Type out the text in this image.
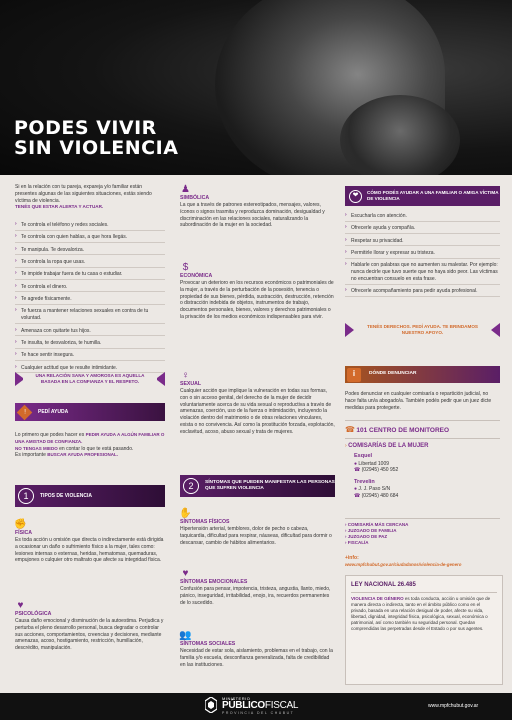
PODES VIVIR
SIN VIOLENCIA

Si en la relación con tu pareja, expareja y/o familiar están presentes algunas de las siguientes situaciones, estás siendo víctima de violencia.

TENÉS QUE ESTAR ALERTA Y ACTUAR.

› Te controla el teléfono y redes sociales.
› Te controla con quien hablas, a que hora llegás.
› Te manipula. Te desvaloriza.
› Te controla la ropa que usas.
› Te impide trabajar fuera de tu casa o estudiar.
› Te controla el dinero.
› Te agrede físicamente.
› Te fuerza a mantener relaciones sexuales en contra de tu voluntad.
› Amenaza con quitarte tus hijos.
› Te insulta, te desvaloriza, te humilla.
› Te hace sentir insegura.
› Cualquier actitud que te resulte intimidante.
UNA RELACIÓN SANA Y AMOROSA ES AQUELLA BASADA EN LA CONFIANZA Y EL RESPETO.
!	PEDÍ AYUDA

Lo primero que podes hacer es PEDIR AYUDA A ALGÚN FAMILIAR O UNA AMISTAD DE CONFIANZA.

NO TENGAS MIEDO en contar lo que te está pasando.

Es importante BUSCAR AYUDA PROFESIONAL.

1	TIPOS DE VIOLENCIA
✊
FÍSICA

Es toda acción u omisión que directa o indirectamente está dirigida a ocasionar un daño o sufrimiento físico a la mujer, tales como: lesiones internas o externas, heridas, hematomas, quemaduras, empujones o culquier otro maltrato que afecte su integridad física.

♥
PSICOLÓGICA

Causa daño emocional y disminución de la autoestima. Perjudica y perturba el pleno desarrollo personal, busca degradar o controlar sus acciones, comportamientos, creencias y decisiones, mediante amenazas, acoso, hostigamiento, restricción, humillación, descrédito, manipulación.

♟
SIMBÓLICA

La que a través de patrones estereotipados, mensajes, valores, íconos o signos trasmita y reproduzca dominación, desigualdad y discriminación en las relaciones sociales, naturalizando la subordinación de la mujer en la sociedad.

$
ECONÓMICA

Provocar un deterioro en los recursos económicos o patrimoniales de la mujer, a través de la perturbación de la posesión, tenencia o propiedad de sus bienes, pérdida, sustracción, destrucción, retención o distracción indebida de objetos, instrumentos de trabajo, documentos personales, bienes, valores y derechos patrimoniales o la privación de los medios económicos indispensables para vivir.

♀
SEXUAL

Cualquier acción que implique la vulneración en todas sus formas, con o sin acceso genital, del derecho de la mujer de decidir voluntariamente acerca de su vida sexual o reproductiva a través de amenazas, coerción, uso de la fuerza o intimidación, incluyendo la violación dentro del matrimonio o de otras relaciones vinculares, exista o no convivencia. Así como la prostitución forzada, explotación, esclavitud, acoso, abuso sexual y trata de mujeres.

2	SÍNTOMAS QUE PUEDEN MANIFESTAR LAS PERSONAS QUE SUFREN VIOLENCIA
✋
SÍNTOMAS FÍSICOS

Hipertensión arterial, temblores, dolor de pecho o cabeza, taquicardia, dificultad para respirar, náuseas, dificultad para dormir o descansar, cambio de hábitos alimentarios.

♥
SÍNTOMAS EMOCIONALES

Confusión para pensar, impotencia, tristeza, angustia, llanto, miedo, pánico, inseguridad, irritabilidad, enojo, ira, recuerdos permanentes de lo sucedido.

👥
SÍNTOMAS SOCIALES

Necesidad de estar sola, aislamiento, problemas en el trabajo, con la familia y/o escuela, desconfianza generalizada, falta de credibilidad en las instituciones.

❤	CÓMO PODÉS AYUDAR A UNA FAMILIAR O AMIGA VÍCTIMA DE VIOLENCIA
› Escucharla con atención.
› Ofrecerle ayuda y compañía.
› Respetar su privacidad.
› Permitirle llorar y expresar su tristeza.
› Hablarle con palabras que no aumenten su malestar. Por ejemplo: nunca decirle que tuvo suerte que no haya sido peor. Las víctimas no encuentran consuelo en esta frase.
› Ofrecerle acompañamiento para pedir ayuda profesional.
TENÉS DERECHOS. PEDÍ AYUDA. TE BRINDAMOS NUESTRO APOYO.
i	DÓNDE DENUNCIAR

Podes denunciar en cualquier comisaría o repartición judicial, no hace falta un/a abogado/a. También podés pedir que un juez dicte medidas para protegerte.

☎ 101 CENTRO DE MONITOREO
› COMISARÍAS DE LA MUJER
Esquel
● Libertad 1009
☎ (02945) 450 952
Trevelin
● J. J. Paso S/N
☎ (02945) 480 684
› COMISARÍA MÁS CERCANA
› JUZGADO DE FAMILIA
› JUZGADO DE PAZ
› FISCALÍA
+info:
www.mpfchubut.gov.ar/ciudadanos/violencia-de-genero
LEY NACIONAL 26.485

VIOLENCIA DE GÉNERO es toda conducta, acción u omisión que de manera directa o indirecta, tanto en el ámbito público como en el privado, basada en una relación desigual de poder, afecte su vida, libertad, dignidad, integridad física, psicológica, sexual, económica o patrimonial, así como también su seguridad personal. Quedan comprendidas las perpetradas desde el Estado o por sus agentes.

MINISTERIO
PÚBLICOFISCAL
PROVINCIA DEL CHUBUT
www.mpfchubut.gov.ar
